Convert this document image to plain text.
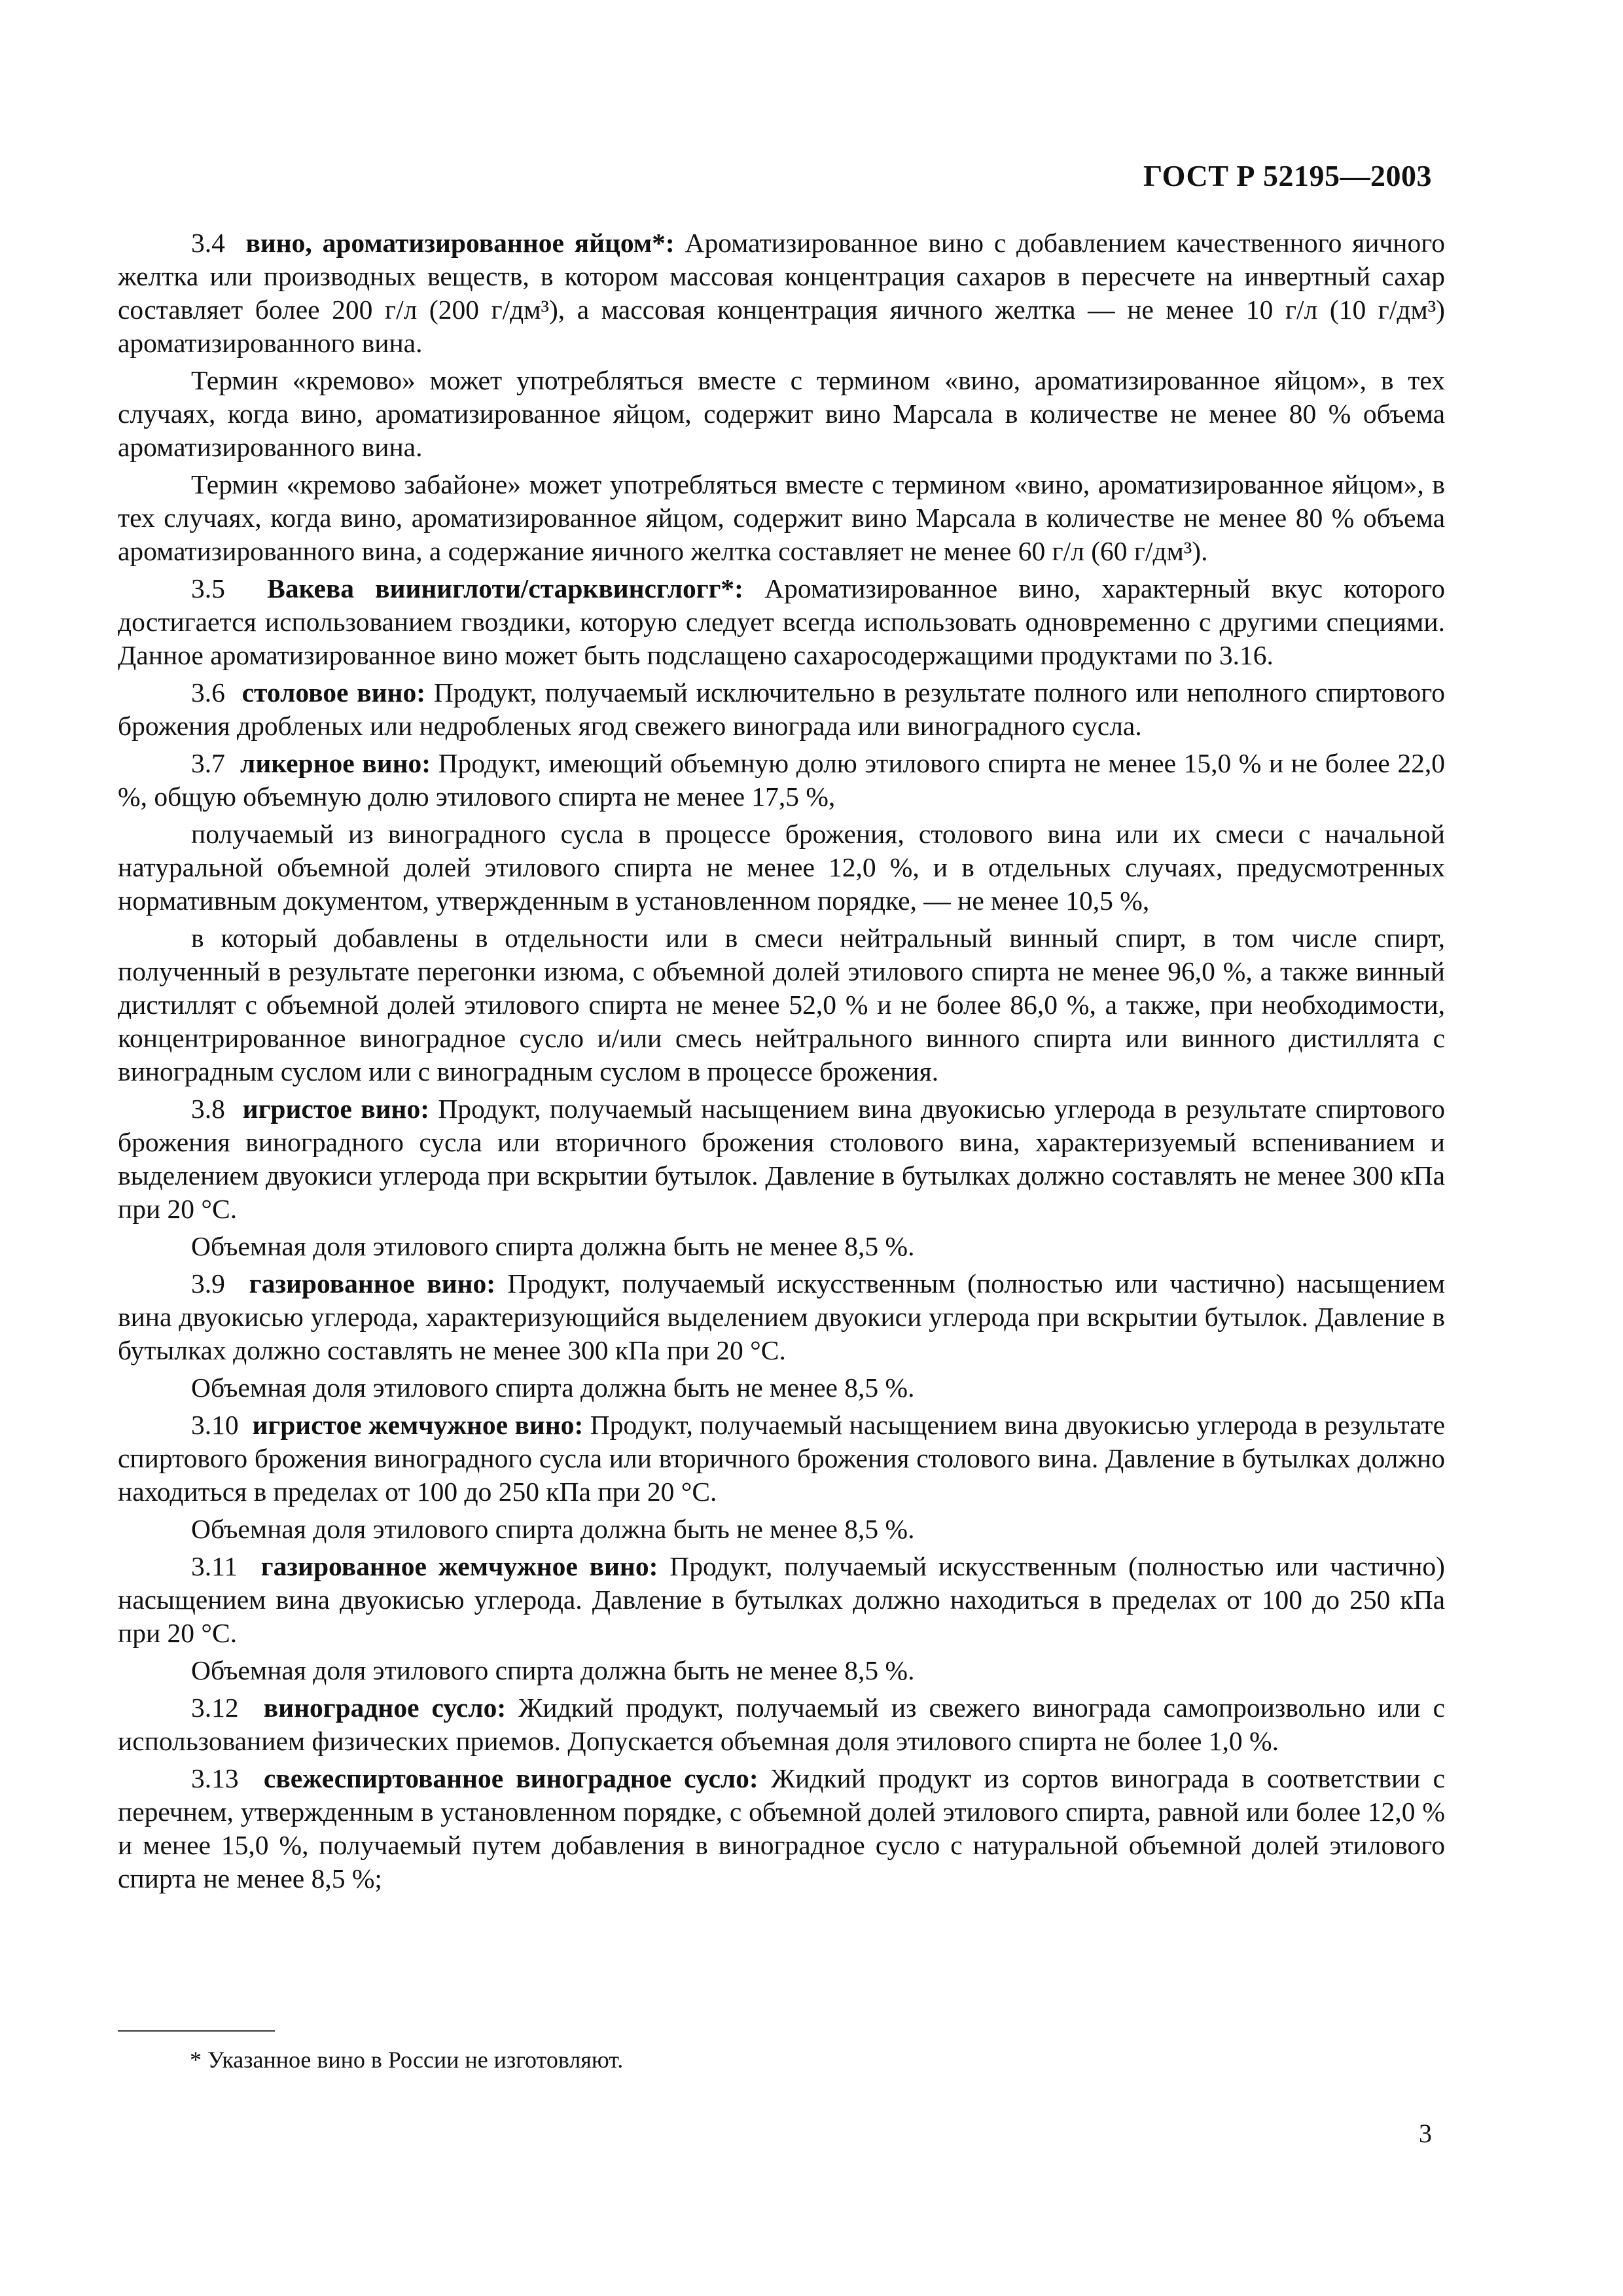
ГОСТ Р 52195—2003

3.4 вино, ароматизированное яйцом*: Ароматизированное вино с добавлением качественного яичного желтка или производных веществ, в котором массовая концентрация сахаров в пересчете на инвертный сахар составляет более 200 г/л (200 г/дм³), а массовая концентрация яичного желтка — не менее 10 г/л (10 г/дм³) ароматизированного вина.

Термин «кремово» может употребляться вместе с термином «вино, ароматизированное яйцом», в тех случаях, когда вино, ароматизированное яйцом, содержит вино Марсала в количестве не менее 80 % объема ароматизированного вина.

Термин «кремово забайоне» может употребляться вместе с термином «вино, ароматизированное яйцом», в тех случаях, когда вино, ароматизированное яйцом, содержит вино Марсала в количестве не менее 80 % объема ароматизированного вина, а содержание яичного желтка составляет не менее 60 г/л (60 г/дм³).

3.5 Вакева вииниглоти/старквинсглогг*: Ароматизированное вино, характерный вкус которого достигается использованием гвоздики, которую следует всегда использовать одновременно с другими специями. Данное ароматизированное вино может быть подслащено сахаросодержащими продуктами по 3.16.

3.6 столовое вино: Продукт, получаемый исключительно в результате полного или неполного спиртового брожения дробленых или недробленых ягод свежего винограда или виноградного сусла.

3.7 ликерное вино: Продукт, имеющий объемную долю этилового спирта не менее 15,0 % и не более 22,0 %, общую объемную долю этилового спирта не менее 17,5 %,

получаемый из виноградного сусла в процессе брожения, столового вина или их смеси с начальной натуральной объемной долей этилового спирта не менее 12,0 %, и в отдельных случаях, предусмотренных нормативным документом, утвержденным в установленном порядке, — не менее 10,5 %,

в который добавлены в отдельности или в смеси нейтральный винный спирт, в том числе спирт, полученный в результате перегонки изюма, с объемной долей этилового спирта не менее 96,0 %, а также винный дистиллят с объемной долей этилового спирта не менее 52,0 % и не более 86,0 %, а также, при необходимости, концентрированное виноградное сусло и/или смесь нейтрального винного спирта или винного дистиллята с виноградным суслом или с виноградным суслом в процессе брожения.

3.8 игристое вино: Продукт, получаемый насыщением вина двуокисью углерода в результате спиртового брожения виноградного сусла или вторичного брожения столового вина, характеризуемый вспениванием и выделением двуокиси углерода при вскрытии бутылок. Давление в бутылках должно составлять не менее 300 кПа при 20 °С.

Объемная доля этилового спирта должна быть не менее 8,5 %.

3.9 газированное вино: Продукт, получаемый искусственным (полностью или частично) насыщением вина двуокисью углерода, характеризующийся выделением двуокиси углерода при вскрытии бутылок. Давление в бутылках должно составлять не менее 300 кПа при 20 °С.

Объемная доля этилового спирта должна быть не менее 8,5 %.

3.10 игристое жемчужное вино: Продукт, получаемый насыщением вина двуокисью углерода в результате спиртового брожения виноградного сусла или вторичного брожения столового вина. Давление в бутылках должно находиться в пределах от 100 до 250 кПа при 20 °С.

Объемная доля этилового спирта должна быть не менее 8,5 %.

3.11 газированное жемчужное вино: Продукт, получаемый искусственным (полностью или частично) насыщением вина двуокисью углерода. Давление в бутылках должно находиться в пределах от 100 до 250 кПа при 20 °С.

Объемная доля этилового спирта должна быть не менее 8,5 %.

3.12 виноградное сусло: Жидкий продукт, получаемый из свежего винограда самопроизвольно или с использованием физических приемов. Допускается объемная доля этилового спирта не более 1,0 %.

3.13 свежеспиртованное виноградное сусло: Жидкий продукт из сортов винограда в соответствии с перечнем, утвержденным в установленном порядке, с объемной долей этилового спирта, равной или более 12,0 % и менее 15,0 %, получаемый путем добавления в виноградное сусло с натуральной объемной долей этилового спирта не менее 8,5 %;

* Указанное вино в России не изготовляют.
3
